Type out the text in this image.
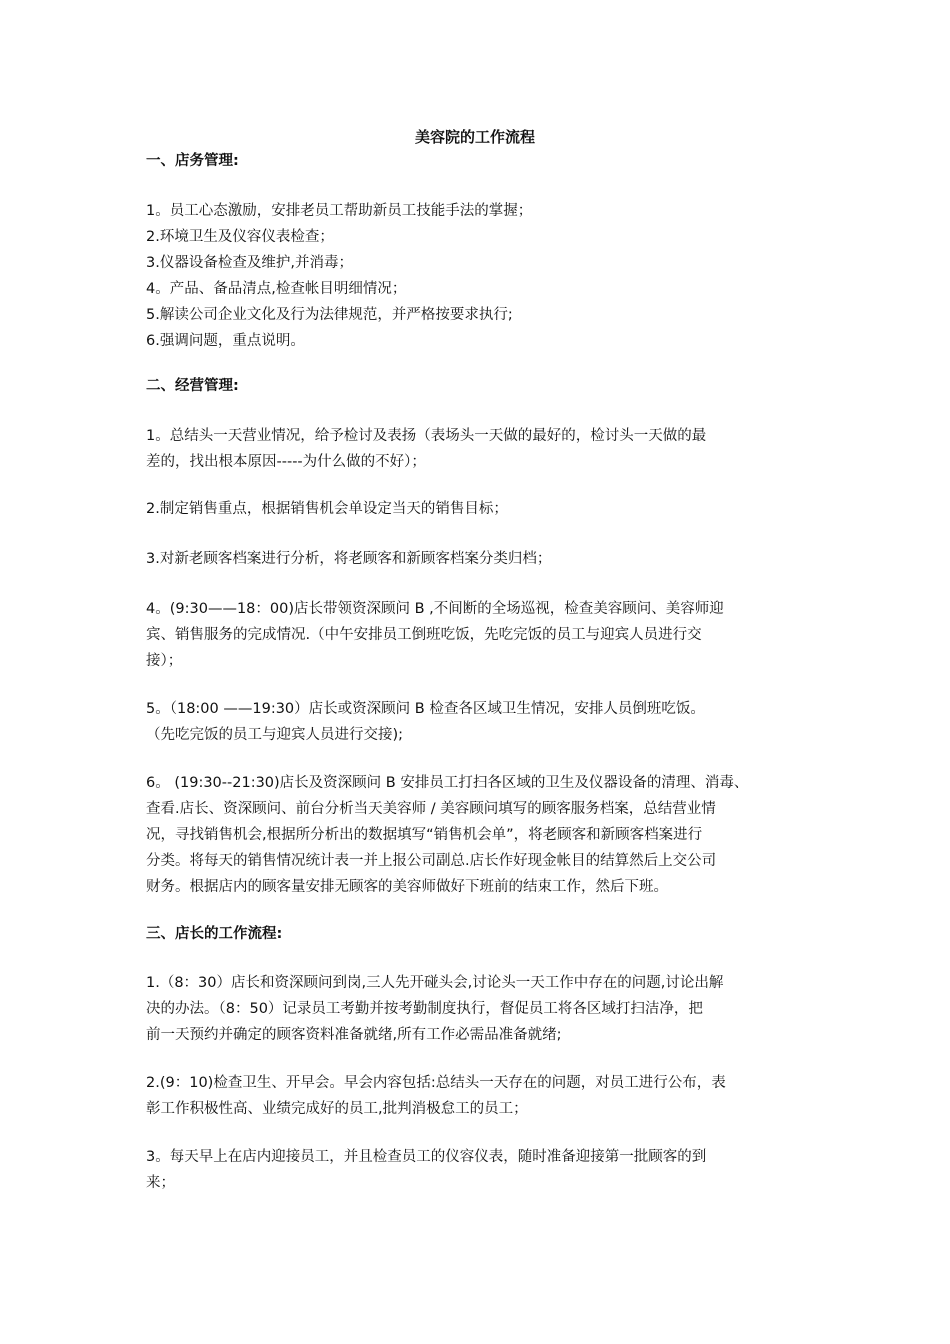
美容院的工作流程
一、店务管理:
1。员工心态激励，安排老员工帮助新员工技能手法的掌握；
2.环境卫生及仪容仪表检查；
3.仪器设备检查及维护,并消毒；
4。产品、备品清点,检查帐目明细情况；
5.解读公司企业文化及行为法律规范，并严格按要求执行;
6.强调问题，重点说明。
二、经营管理:
1。总结头一天营业情况，给予检讨及表扬（表场头一天做的最好的，检讨头一天做的最
差的，找出根本原因-----为什么做的不好）；
2.制定销售重点，根据销售机会单设定当天的销售目标；
3.对新老顾客档案进行分析，将老顾客和新顾客档案分类归档；
4。(9:30——18：00)店长带领资深顾问 B ,不间断的全场巡视，检查美容顾问、美容师迎
宾、销售服务的完成情况.（中午安排员工倒班吃饭，先吃完饭的员工与迎宾人员进行交
接）；
5。（18:00 ——19:30）店长或资深顾问 B 检查各区域卫生情况，安排人员倒班吃饭。
（先吃完饭的员工与迎宾人员进行交接);
6。 (19:30--21:30)店长及资深顾问 B 安排员工打扫各区域的卫生及仪器设备的清理、消毒、
查看.店长、资深顾问、前台分析当天美容师 / 美容顾问填写的顾客服务档案，总结营业情
况，寻找销售机会,根据所分析出的数据填写“销售机会单”，将老顾客和新顾客档案进行
分类。将每天的销售情况统计表一并上报公司副总.店长作好现金帐目的结算然后上交公司
财务。根据店内的顾客量安排无顾客的美容师做好下班前的结束工作，然后下班。
三、店长的工作流程:
1.（8：30）店长和资深顾问到岗,三人先开碰头会,讨论头一天工作中存在的问题,讨论出解
决的办法。（8：50）记录员工考勤并按考勤制度执行，督促员工将各区域打扫洁净，把
前一天预约并确定的顾客资料准备就绪,所有工作必需品准备就绪;
2.(9：10)检查卫生、开早会。早会内容包括:总结头一天存在的问题，对员工进行公布，表
彰工作积极性高、业绩完成好的员工,批判消极怠工的员工；
3。每天早上在店内迎接员工，并且检查员工的仪容仪表，随时准备迎接第一批顾客的到
来；
